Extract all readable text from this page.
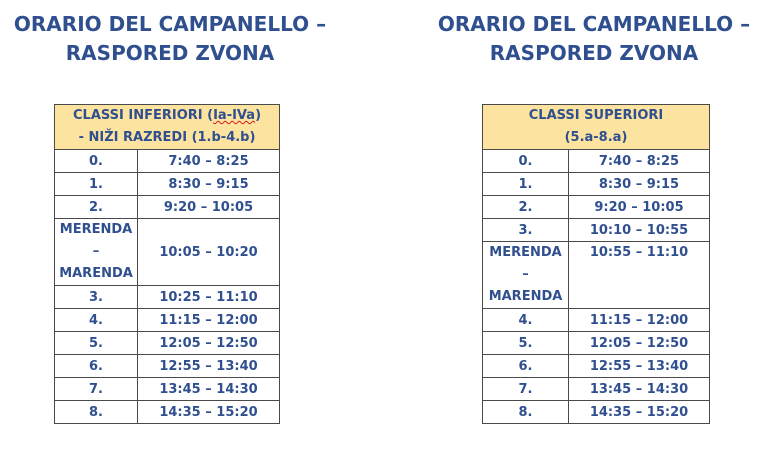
ORARIO DEL CAMPANELLO –
RASPORED ZVONA
ORARIO DEL CAMPANELLO –
RASPORED ZVONA
CLASSI INFERIORI (Ia-IVa)
- NIŽI RAZREDI (1.b-4.b)	

0.	7:40 – 8:25
1.	8:30 – 9:15
2.	9:20 – 10:05

MERENDA
–
MARENDA	10:05 – 10:20
3.	10:25 – 11:10
4.	11:15 – 12:00
5.	12:05 – 12:50
6.	12:55 – 13:40
7.	13:45 – 14:30
8.	14:35 – 15:20
CLASSI SUPERIORI
(5.a-8.a)	

0.	7:40 – 8:25
1.	8:30 – 9:15
2.	9:20 – 10:05
3.	10:10 – 10:55

MERENDA
–
MARENDA	10:55 – 11:10
4.	11:15 – 12:00
5.	12:05 – 12:50
6.	12:55 – 13:40
7.	13:45 – 14:30
8.	14:35 – 15:20
